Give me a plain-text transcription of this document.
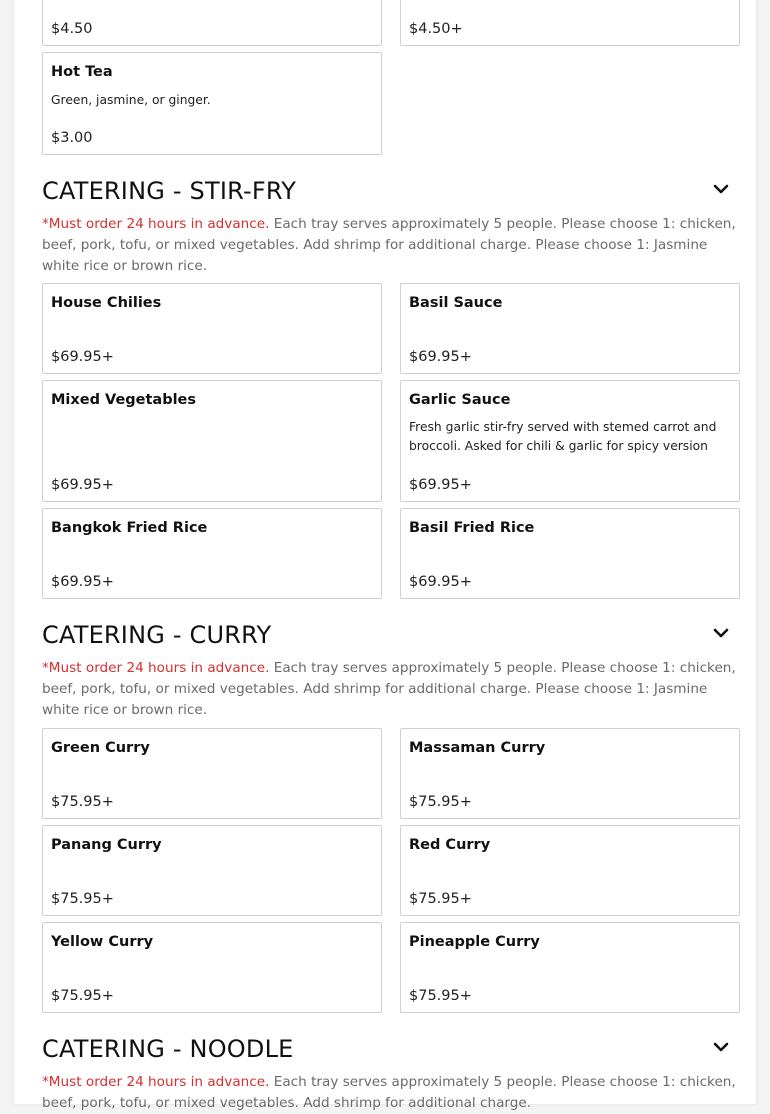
$4.50	$4.50+
Hot Tea
Green, jasmine, or ginger.
$3.00
CATERING - STIR-FRY
*Must order 24 hours in advance. Each tray serves approximately 5 people. Please choose 1: chicken, beef, pork, tofu, or mixed vegetables. Add shrimp for additional charge. Please choose 1: Jasmine white rice or brown rice.
House Chilies
$69.95+
Basil Sauce
$69.95+
Mixed Vegetables
$69.95+
Garlic Sauce
Fresh garlic stir-fry served with stemed carrot and broccoli. Asked for chili & garlic for spicy version
$69.95+
Bangkok Fried Rice
$69.95+
Basil Fried Rice
$69.95+
CATERING - CURRY
*Must order 24 hours in advance. Each tray serves approximately 5 people. Please choose 1: chicken, beef, pork, tofu, or mixed vegetables. Add shrimp for additional charge. Please choose 1: Jasmine white rice or brown rice.
Green Curry
$75.95+
Massaman Curry
$75.95+
Panang Curry
$75.95+
Red Curry
$75.95+
Yellow Curry
$75.95+
Pineapple Curry
$75.95+
CATERING - NOODLE
*Must order 24 hours in advance. Each tray serves approximately 5 people. Please choose 1: chicken, beef, pork, tofu, or mixed vegetables. Add shrimp for additional charge.
